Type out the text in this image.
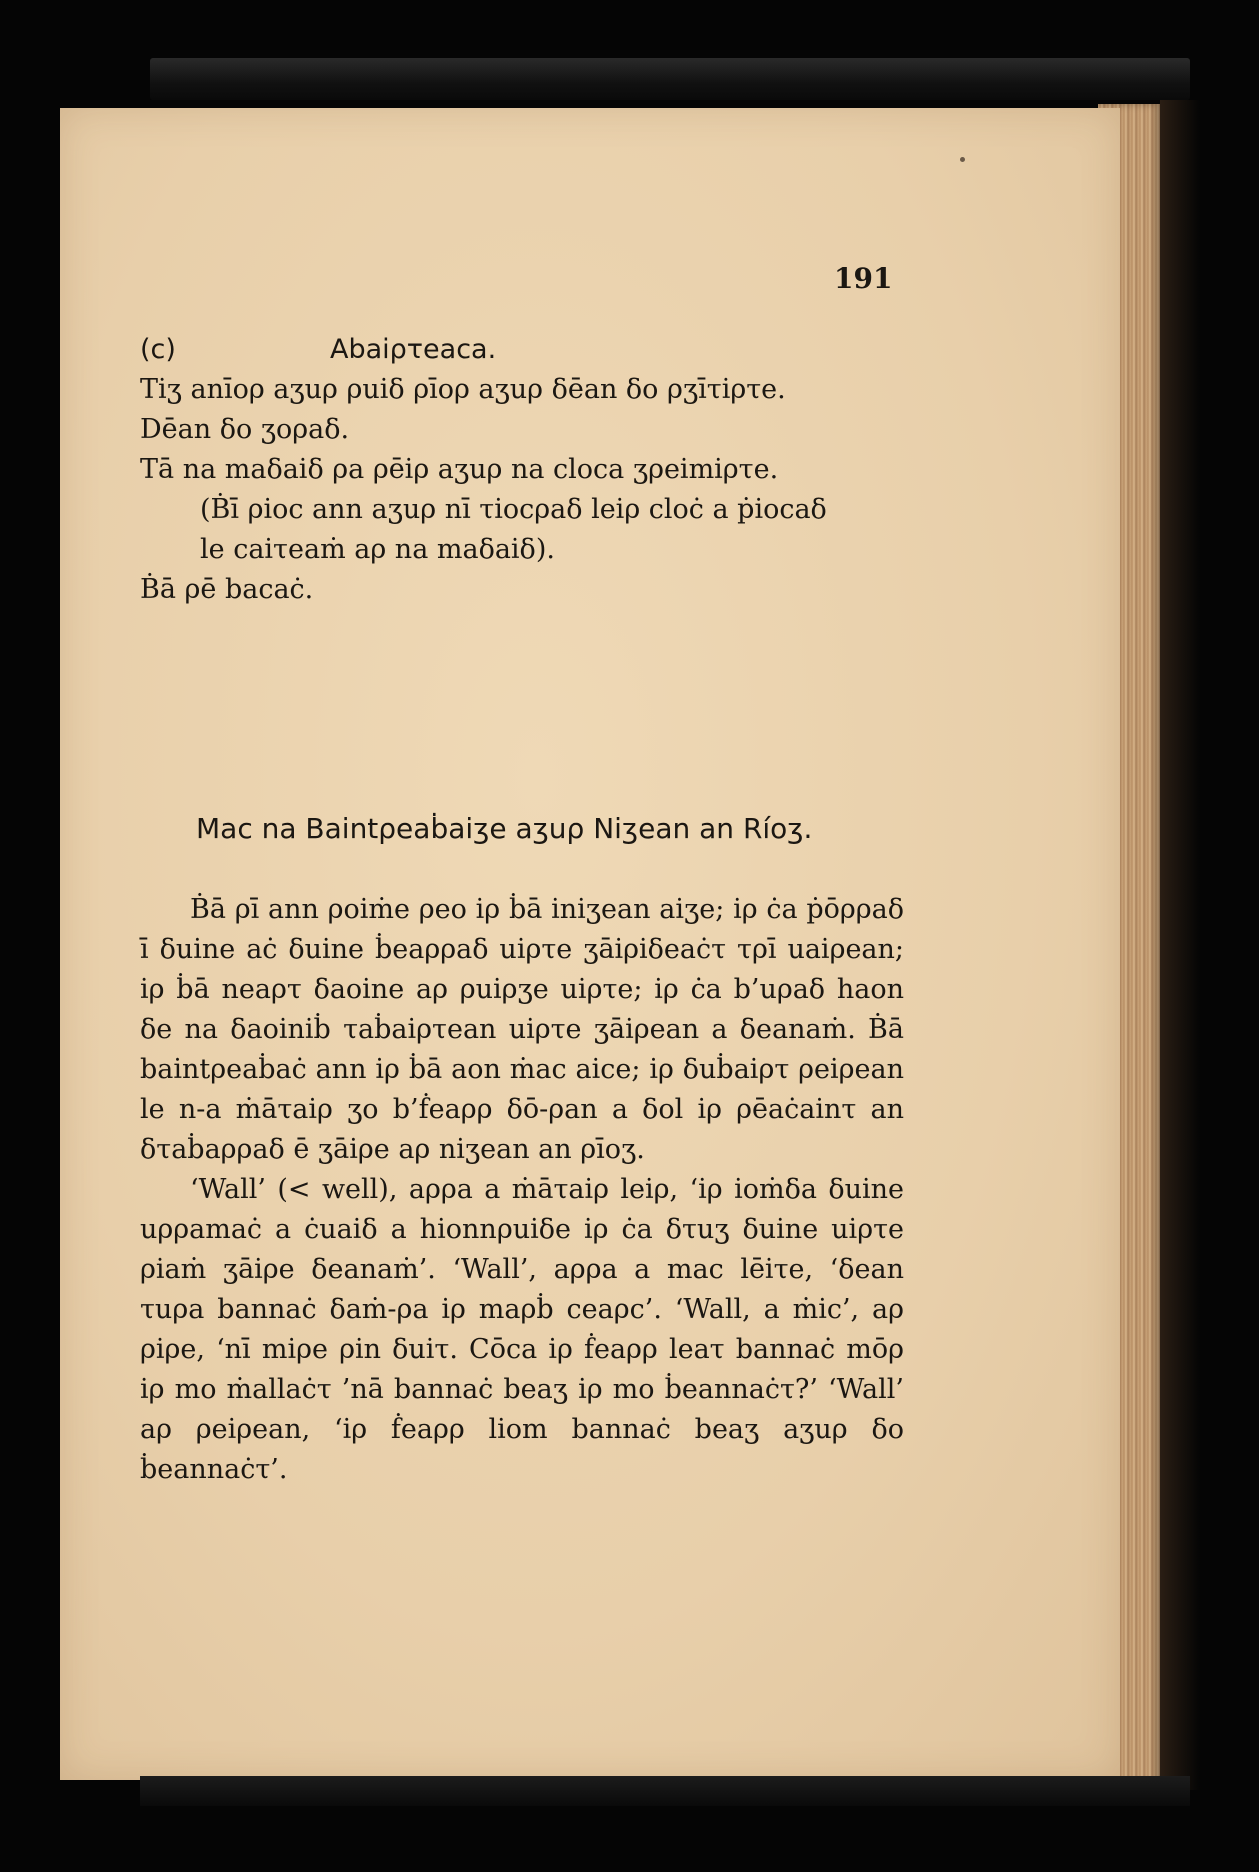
191
(c)	Abaiρτeaca.
Tiʒ anīoρ aʒuρ ρuiδ ρīoρ aʒuρ δēan δo ρʒīτiρτe.
Dēan δo ʒoρaδ.
Tā na maδaiδ ρa ρēiρ aʒuρ na cloca ʒρeimiρτe.
(Ḃī ρioc ann aʒuρ nī τiocρaδ leiρ cloċ a ṗiocaδ
le caiτeaṁ aρ na maδaiδ).
Ḃā ρē bacaċ.
Mac na Baintρeaḃaiʒe aʒuρ Niʒean an Ríoʒ.

Ḃā ρī ann ρoiṁe ρeo iρ ḃā iniʒean aiʒe; iρ ċa ṗōρρaδ ī δuine aċ δuine ḃeaρρaδ uiρτe ʒāiρiδeaċτ τρī uaiρean; iρ ḃā neaρτ δaoine aρ ρuiρʒe uiρτe; iρ ċa b’uρaδ haon δe na δaoiniḃ τaḃaiρτean uiρτe ʒāiρean a δeanaṁ. Ḃā baintρeaḃaċ ann iρ ḃā aon ṁac aice; iρ δuḃaiρτ ρeiρean le n-a ṁāτaiρ ʒo b’ḟeaρρ δō-ρan a δol iρ ρēaċainτ an δτaḃaρρaδ ē ʒāiρe aρ niʒean an ρīoʒ.

‘Wall’ (< well), aρρa a ṁāτaiρ leiρ, ‘iρ ioṁδa δuine uρρamaċ a ċuaiδ a hionnρuiδe iρ ċa δτuʒ δuine uiρτe ρiaṁ ʒāiρe δeanaṁ’. ‘Wall’, aρρa a mac lēiτe, ‘δean τuρa bannaċ δaṁ-ρa iρ maρḃ ceaρc’. ‘Wall, a ṁic’, aρ ρiρe, ‘nī miρe ρin δuiτ. Cōca iρ ḟeaρρ leaτ bannaċ mōρ iρ mo ṁallaċτ ’nā bannaċ beaʒ iρ mo ḃeannaċτ?’ ‘Wall’ aρ ρeiρean, ‘iρ ḟeaρρ liom bannaċ beaʒ aʒuρ δo ḃeannaċτ’.
